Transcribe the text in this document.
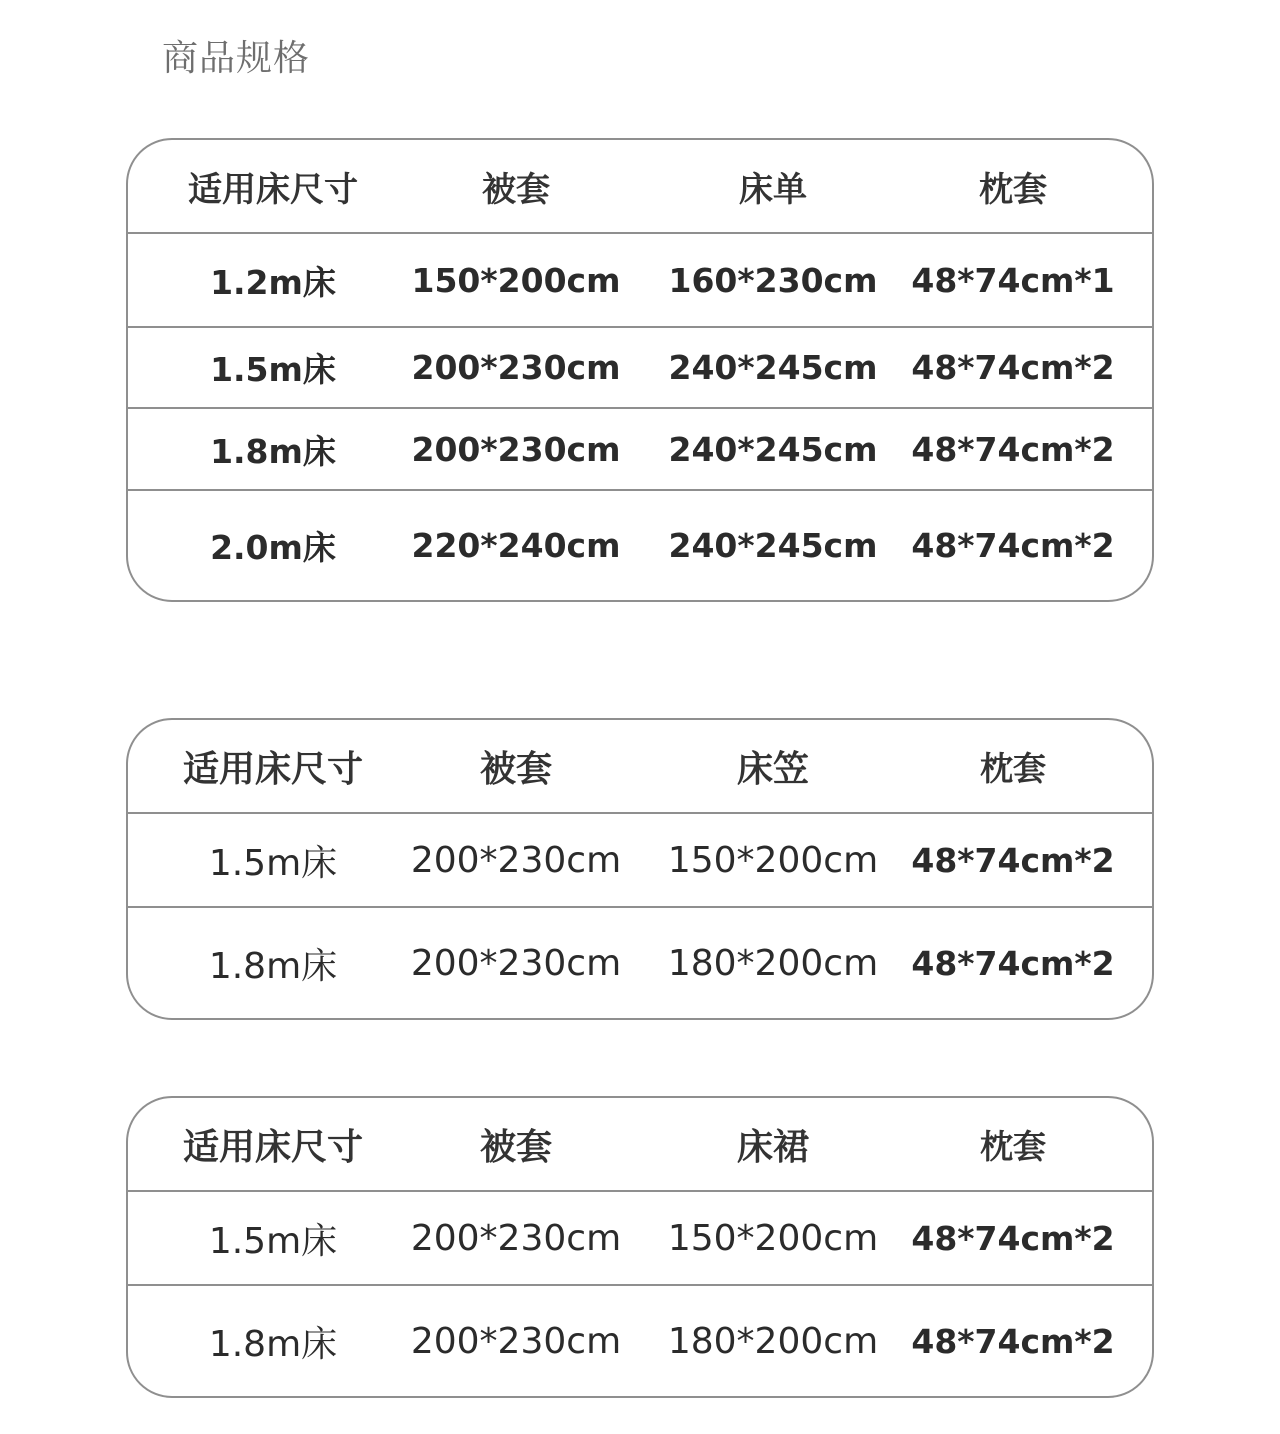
商品规格
适用床尺寸	被套	床单	枕套
1.2m床	150*200cm	160*230cm	48*74cm*1
1.5m床	200*230cm	240*245cm	48*74cm*2
1.8m床	200*230cm	240*245cm	48*74cm*2
2.0m床	220*240cm	240*245cm	48*74cm*2
适用床尺寸	被套	床笠	枕套
1.5m床	200*230cm 150*200cm 48*74cm*2
1.8m床	200*230cm 180*200cm 48*74cm*2
适用床尺寸	被套	床裙	枕套
1.5m床	200*230cm 150*200cm 48*74cm*2
1.8m床	200*230cm 180*200cm 48*74cm*2
